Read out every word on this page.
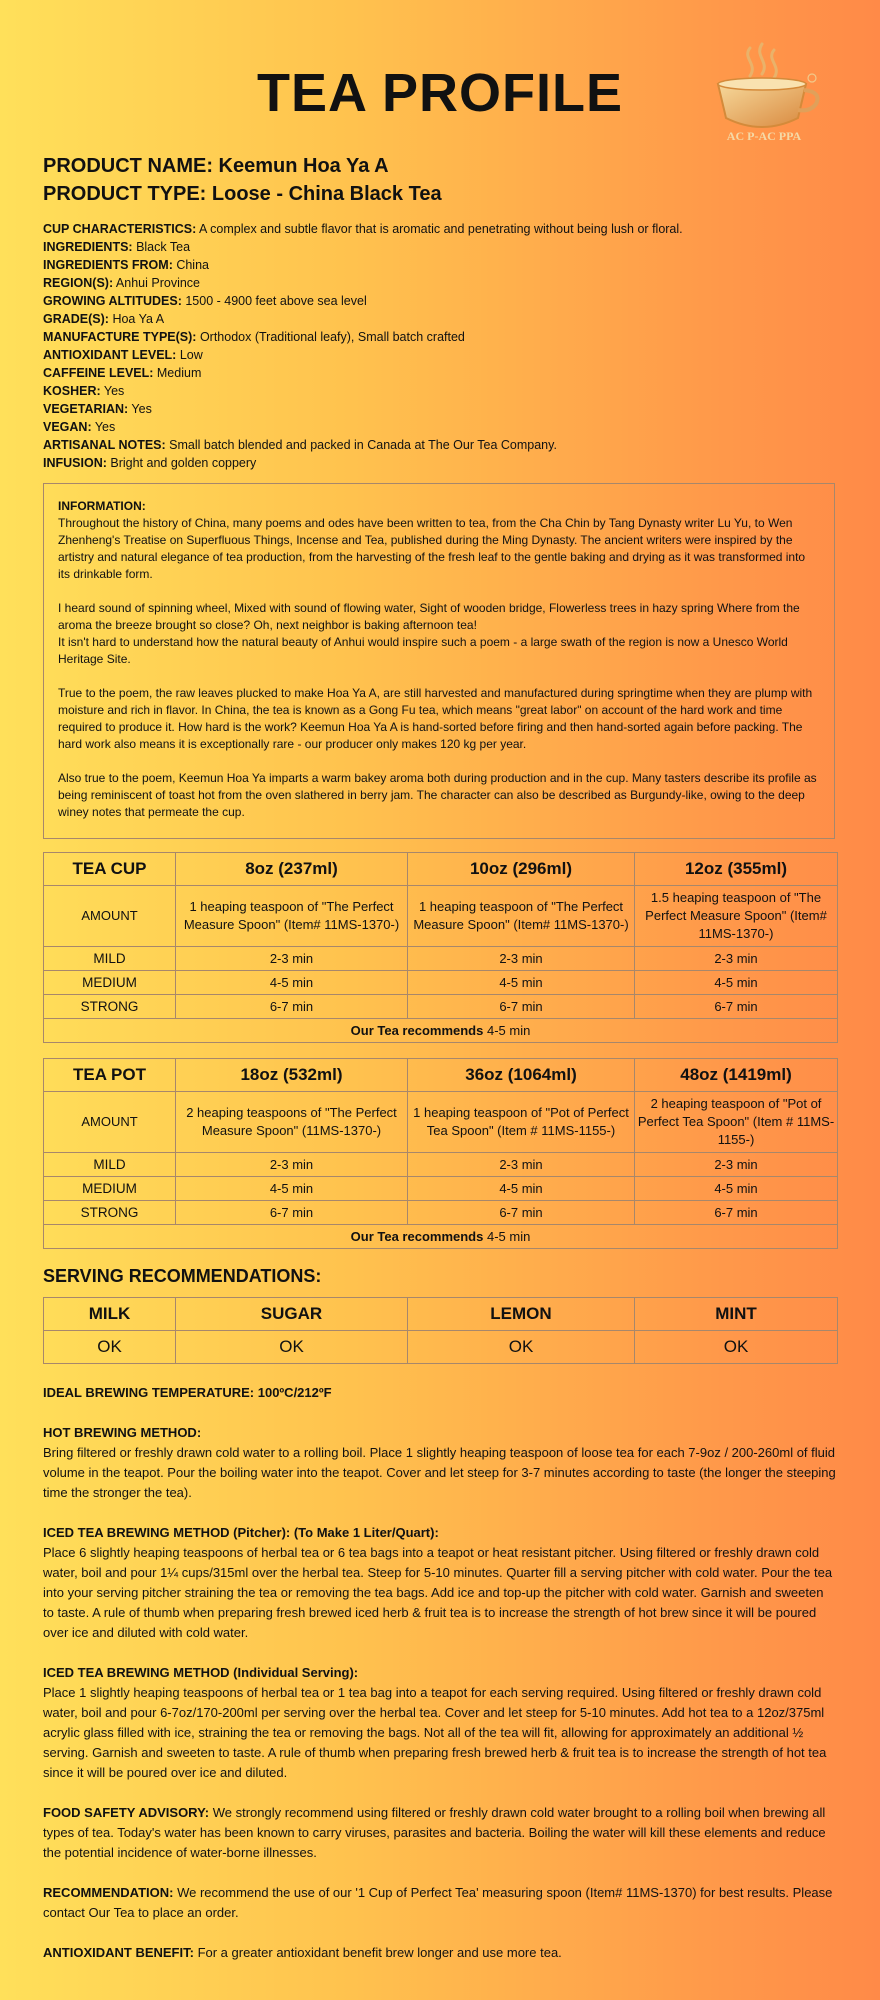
TEA PROFILE
AC P-AC PPA
PRODUCT NAME: Keemun Hoa Ya A
PRODUCT TYPE: Loose - China Black Tea
CUP CHARACTERISTICS: A complex and subtle flavor that is aromatic and penetrating without being lush or floral.
INGREDIENTS: Black Tea
INGREDIENTS FROM: China
REGION(S): Anhui Province
GROWING ALTITUDES: 1500 - 4900 feet above sea level
GRADE(S): Hoa Ya A
MANUFACTURE TYPE(S): Orthodox (Traditional leafy), Small batch crafted
ANTIOXIDANT LEVEL: Low
CAFFEINE LEVEL: Medium
KOSHER: Yes
VEGETARIAN: Yes
VEGAN: Yes
ARTISANAL NOTES: Small batch blended and packed in Canada at The Our Tea Company.
INFUSION: Bright and golden coppery

INFORMATION:

Throughout the history of China, many poems and odes have been written to tea, from the Cha Chin by Tang Dynasty writer Lu Yu, to Wen Zhenheng's Treatise on Superfluous Things, Incense and Tea, published during the Ming Dynasty. The ancient writers were inspired by the artistry and natural elegance of tea production, from the harvesting of the fresh leaf to the gentle baking and drying as it was transformed into its drinkable form.

I heard sound of spinning wheel, Mixed with sound of flowing water, Sight of wooden bridge, Flowerless trees in hazy spring Where from the aroma the breeze brought so close? Oh, next neighbor is baking afternoon tea!

It isn't hard to understand how the natural beauty of Anhui would inspire such a poem - a large swath of the region is now a Unesco World Heritage Site.

True to the poem, the raw leaves plucked to make Hoa Ya A, are still harvested and manufactured during springtime when they are plump with moisture and rich in flavor. In China, the tea is known as a Gong Fu tea, which means "great labor" on account of the hard work and time required to produce it. How hard is the work? Keemun Hoa Ya A is hand-sorted before firing and then hand-sorted again before packing. The hard work also means it is exceptionally rare - our producer only makes 120 kg per year.

Also true to the poem, Keemun Hoa Ya imparts a warm bakey aroma both during production and in the cup. Many tasters describe its profile as being reminiscent of toast hot from the oven slathered in berry jam. The character can also be described as Burgundy-like, owing to the deep winey notes that permeate the cup.

TEA CUP	8oz (237ml)	10oz (296ml)	12oz (355ml)
AMOUNT	1 heaping teaspoon of "The Perfect Measure Spoon" (Item# 11MS-1370-)	1 heaping teaspoon of "The Perfect Measure Spoon" (Item# 11MS-1370-)	1.5 heaping teaspoon of "The Perfect Measure Spoon" (Item# 11MS-1370-)
MILD	2-3 min	2-3 min	2-3 min
MEDIUM	4-5 min	4-5 min	4-5 min
STRONG	6-7 min	6-7 min	6-7 min
Our Tea recommends 4-5 min			
TEA POT	18oz (532ml)	36oz (1064ml)	48oz (1419ml)
AMOUNT	2 heaping teaspoons of "The Perfect Measure Spoon" (11MS-1370-)	1 heaping teaspoon of "Pot of Perfect Tea Spoon" (Item # 11MS-1155-)	2 heaping teaspoon of "Pot of Perfect Tea Spoon" (Item # 11MS-1155-)
MILD	2-3 min	2-3 min	2-3 min
MEDIUM	4-5 min	4-5 min	4-5 min
STRONG	6-7 min	6-7 min	6-7 min
Our Tea recommends 4-5 min			
SERVING RECOMMENDATIONS:
MILK	SUGAR	LEMON	MINT
OK	OK	OK	OK

IDEAL BREWING TEMPERATURE: 100ºC/212ºF

HOT BREWING METHOD:
Bring filtered or freshly drawn cold water to a rolling boil. Place 1 slightly heaping teaspoon of loose tea for each 7-9oz / 200-260ml of fluid volume in the teapot. Pour the boiling water into the teapot. Cover and let steep for 3-7 minutes according to taste (the longer the steeping time the stronger the tea).

ICED TEA BREWING METHOD (Pitcher): (To Make 1 Liter/Quart):
Place 6 slightly heaping teaspoons of herbal tea or 6 tea bags into a teapot or heat resistant pitcher. Using filtered or freshly drawn cold water, boil and pour 1¼ cups/315ml over the herbal tea. Steep for 5-10 minutes. Quarter fill a serving pitcher with cold water. Pour the tea into your serving pitcher straining the tea or removing the tea bags. Add ice and top-up the pitcher with cold water. Garnish and sweeten to taste. A rule of thumb when preparing fresh brewed iced herb & fruit tea is to increase the strength of hot brew since it will be poured over ice and diluted with cold water.

ICED TEA BREWING METHOD (Individual Serving):
Place 1 slightly heaping teaspoons of herbal tea or 1 tea bag into a teapot for each serving required. Using filtered or freshly drawn cold water, boil and pour 6-7oz/170-200ml per serving over the herbal tea. Cover and let steep for 5-10 minutes. Add hot tea to a 12oz/375ml acrylic glass filled with ice, straining the tea or removing the bags. Not all of the tea will fit, allowing for approximately an additional ½ serving. Garnish and sweeten to taste. A rule of thumb when preparing fresh brewed herb & fruit tea is to increase the strength of hot tea since it will be poured over ice and diluted.

FOOD SAFETY ADVISORY: We strongly recommend using filtered or freshly drawn cold water brought to a rolling boil when brewing all types of tea. Today's water has been known to carry viruses, parasites and bacteria. Boiling the water will kill these elements and reduce the potential incidence of water-borne illnesses.

RECOMMENDATION: We recommend the use of our '1 Cup of Perfect Tea' measuring spoon (Item# 11MS-1370) for best results. Please contact Our Tea to place an order.

ANTIOXIDANT BENEFIT: For a greater antioxidant benefit brew longer and use more tea.
